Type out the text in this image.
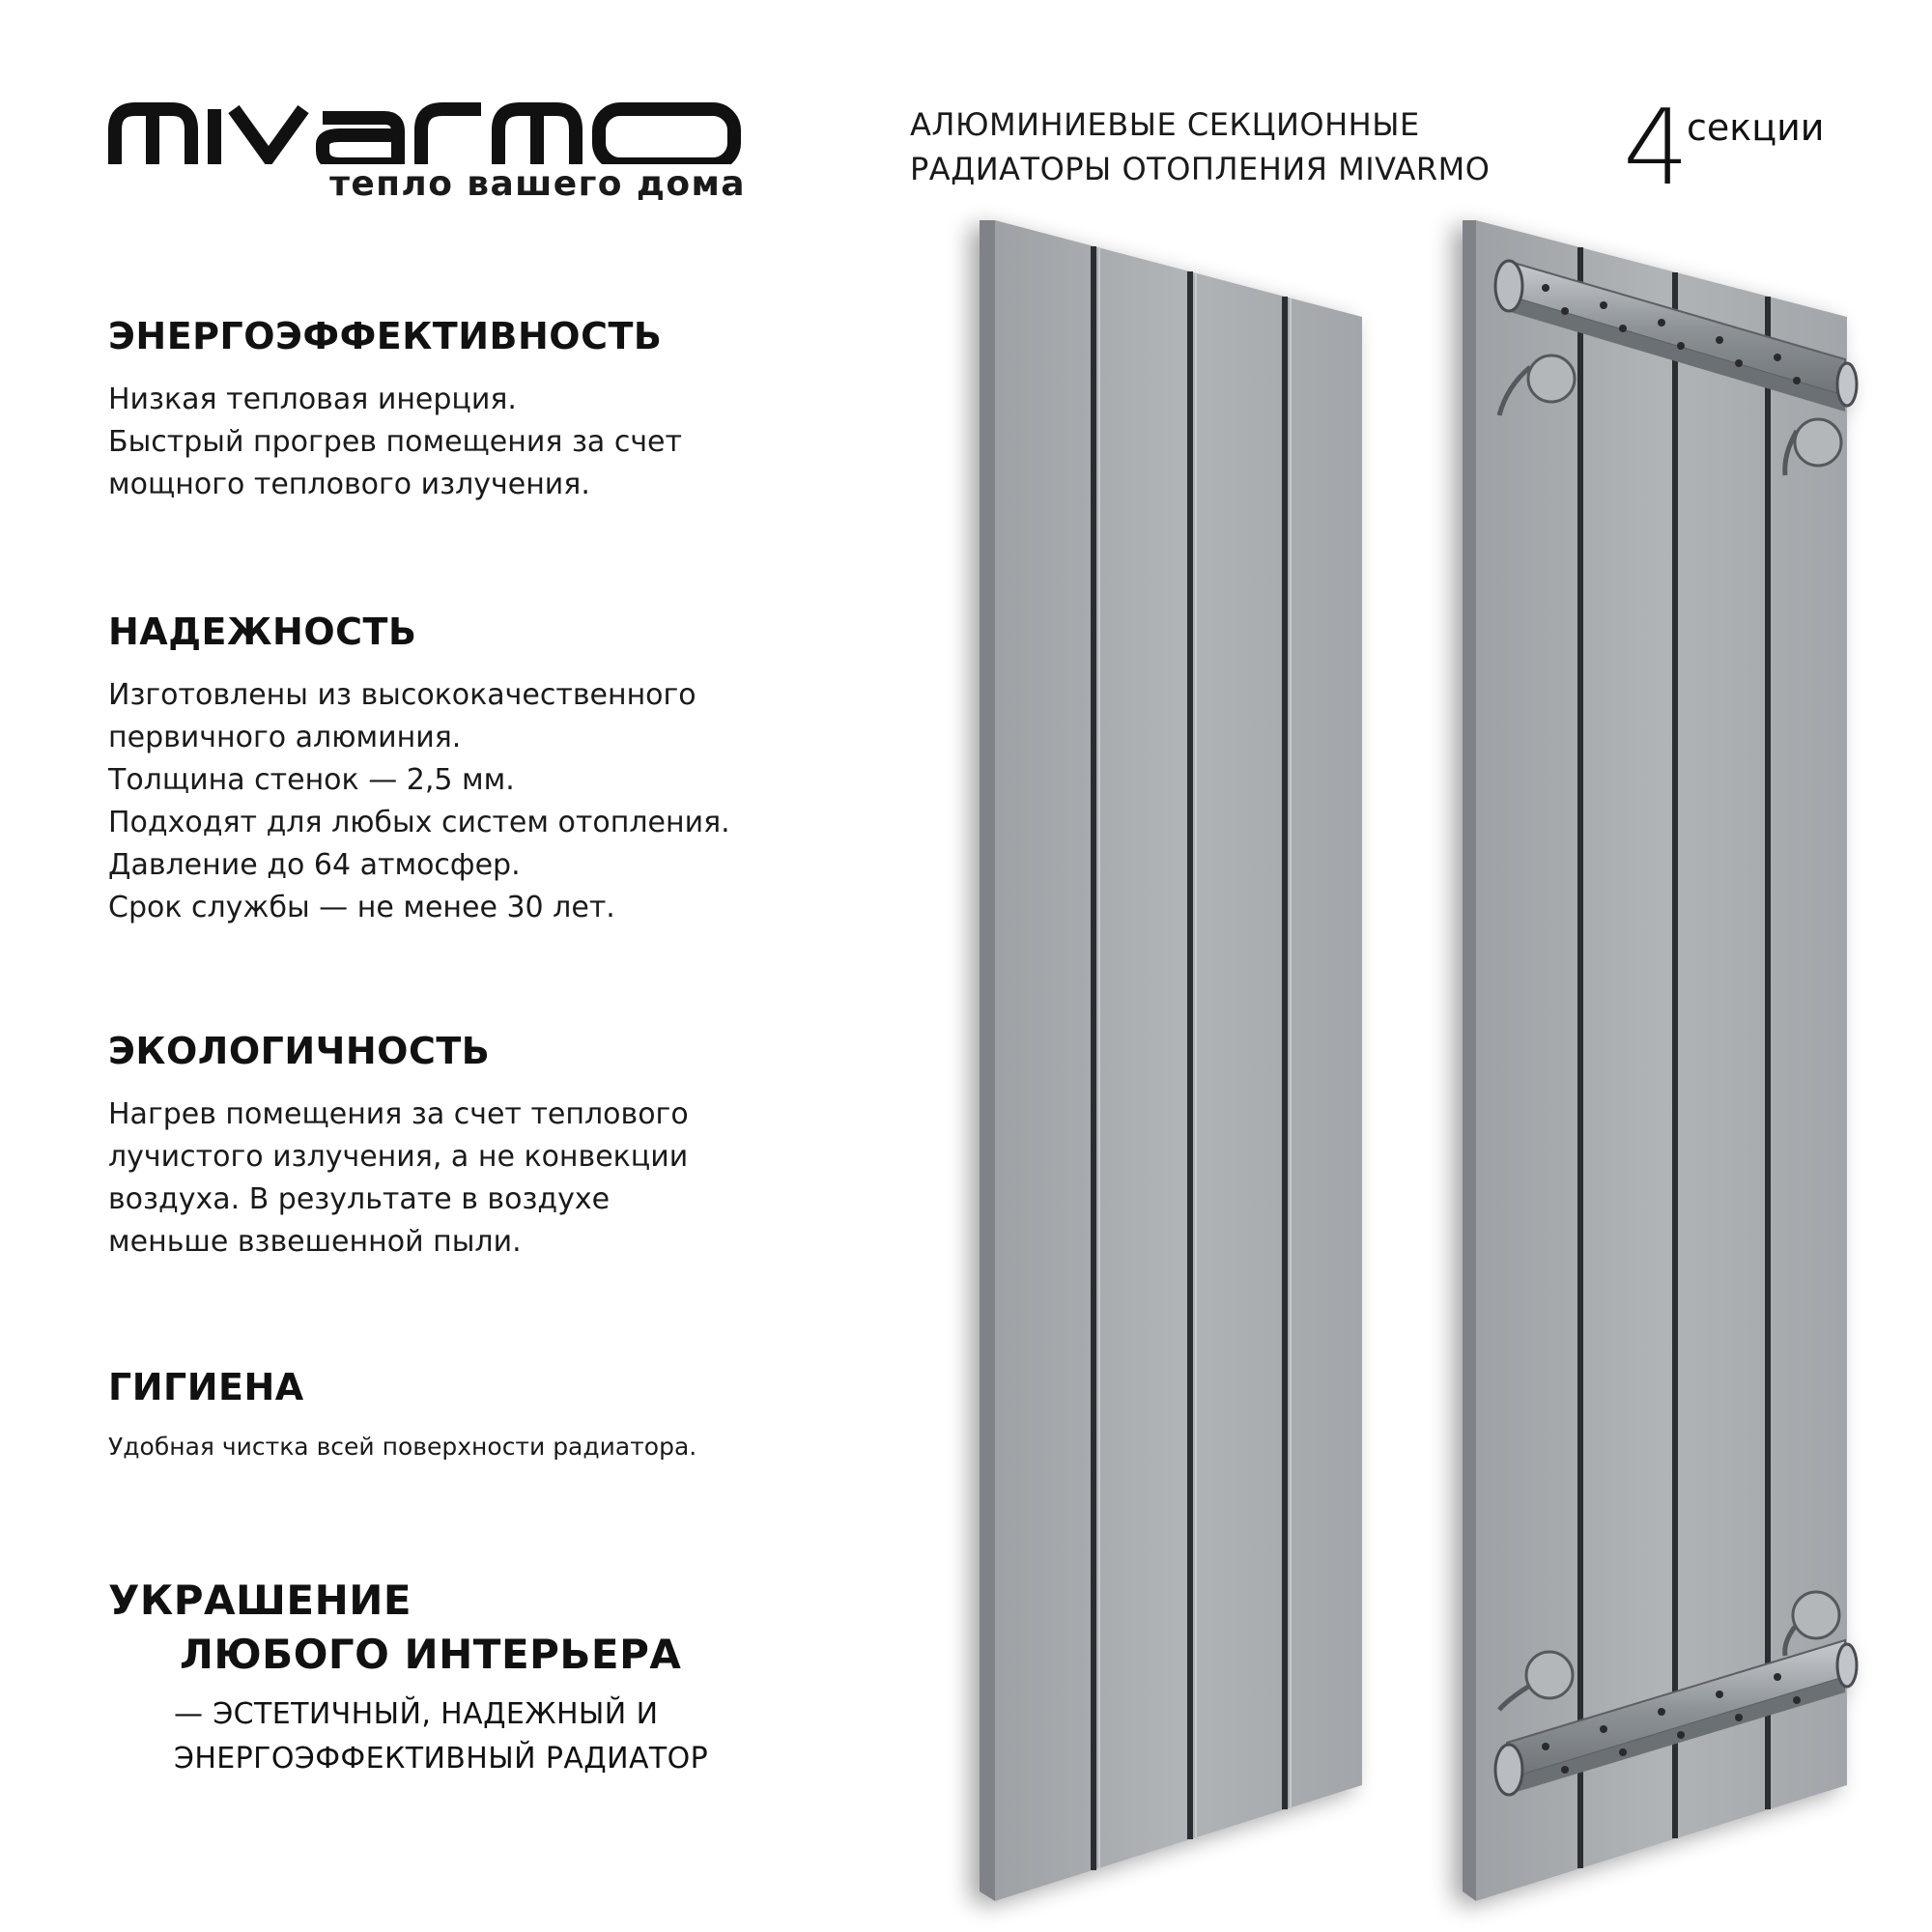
тепло вашего дома
АЛЮМИНИЕВЫЕ СЕКЦИОННЫЕ
РАДИАТОРЫ ОТОПЛЕНИЯ MIVARMO	4
секции
ЭНЕРГОЭФФЕКТИВНОСТЬ
Низкая тепловая инерция.
Быстрый прогрев помещения за счет
мощного теплового излучения.
НАДЕЖНОСТЬ
Изготовлены из высококачественного
первичного алюминия.
Толщина стенок — 2,5 мм.
Подходят для любых систем отопления.
Давление до 64 атмосфер.
Срок службы — не менее 30 лет.
ЭКОЛОГИЧНОСТЬ
Нагрев помещения за счет теплового
лучистого излучения, а не конвекции
воздуха. В результате в воздухе
меньше взвешенной пыли.
ГИГИЕНА
Удобная чистка всей поверхности радиатора.
УКРАШЕНИЕ
ЛЮБОГО ИНТЕРЬЕРА
— ЭСТЕТИЧНЫЙ, НАДЕЖНЫЙ И
ЭНЕРГОЭФФЕКТИВНЫЙ РАДИАТОР
